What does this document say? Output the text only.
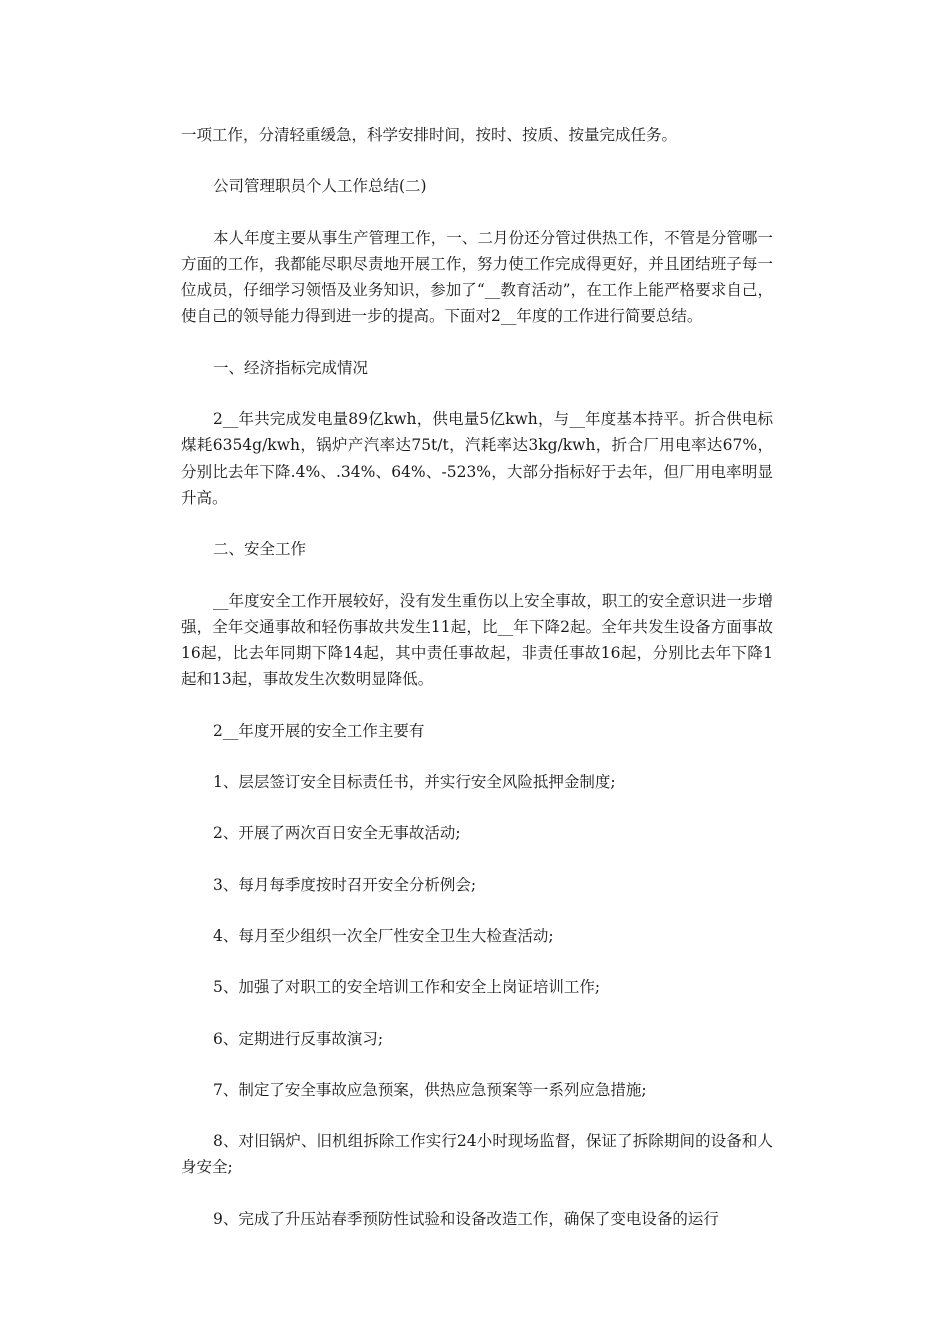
一项工作，分清轻重缓急，科学安排时间，按时、按质、按量完成任务。

公司管理职员个人工作总结(二)

本人年度主要从事生产管理工作，一、二月份还分管过供热工作，不管是分管哪一方面的工作，我都能尽职尽责地开展工作，努力使工作完成得更好，并且团结班子每一位成员，仔细学习领悟及业务知识，参加了“__教育活动”，在工作上能严格要求自己，使自己的领导能力得到进一步的提高。下面对2__年度的工作进行简要总结。

一、经济指标完成情况

2__年共完成发电量89亿kwh，供电量5亿kwh，与__年度基本持平。折合供电标煤耗6354g/kwh，锅炉产汽率达75t/t，汽耗率达3kg/kwh，折合厂用电率达67%，分别比去年下降.4%、.34%、64%、-523%，大部分指标好于去年，但厂用电率明显升高。

二、安全工作

__年度安全工作开展较好，没有发生重伤以上安全事故，职工的安全意识进一步增强，全年交通事故和轻伤事故共发生11起，比__年下降2起。全年共发生设备方面事故16起，比去年同期下降14起，其中责任事故起，非责任事故16起，分别比去年下降1起和13起，事故发生次数明显降低。

2__年度开展的安全工作主要有

1、层层签订安全目标责任书，并实行安全风险抵押金制度;

2、开展了两次百日安全无事故活动;

3、每月每季度按时召开安全分析例会;

4、每月至少组织一次全厂性安全卫生大检查活动;

5、加强了对职工的安全培训工作和安全上岗证培训工作;

6、定期进行反事故演习;

7、制定了安全事故应急预案，供热应急预案等一系列应急措施;

8、对旧锅炉、旧机组拆除工作实行24小时现场监督，保证了拆除期间的设备和人身安全;

9、完成了升压站春季预防性试验和设备改造工作，确保了变电设备的运行
